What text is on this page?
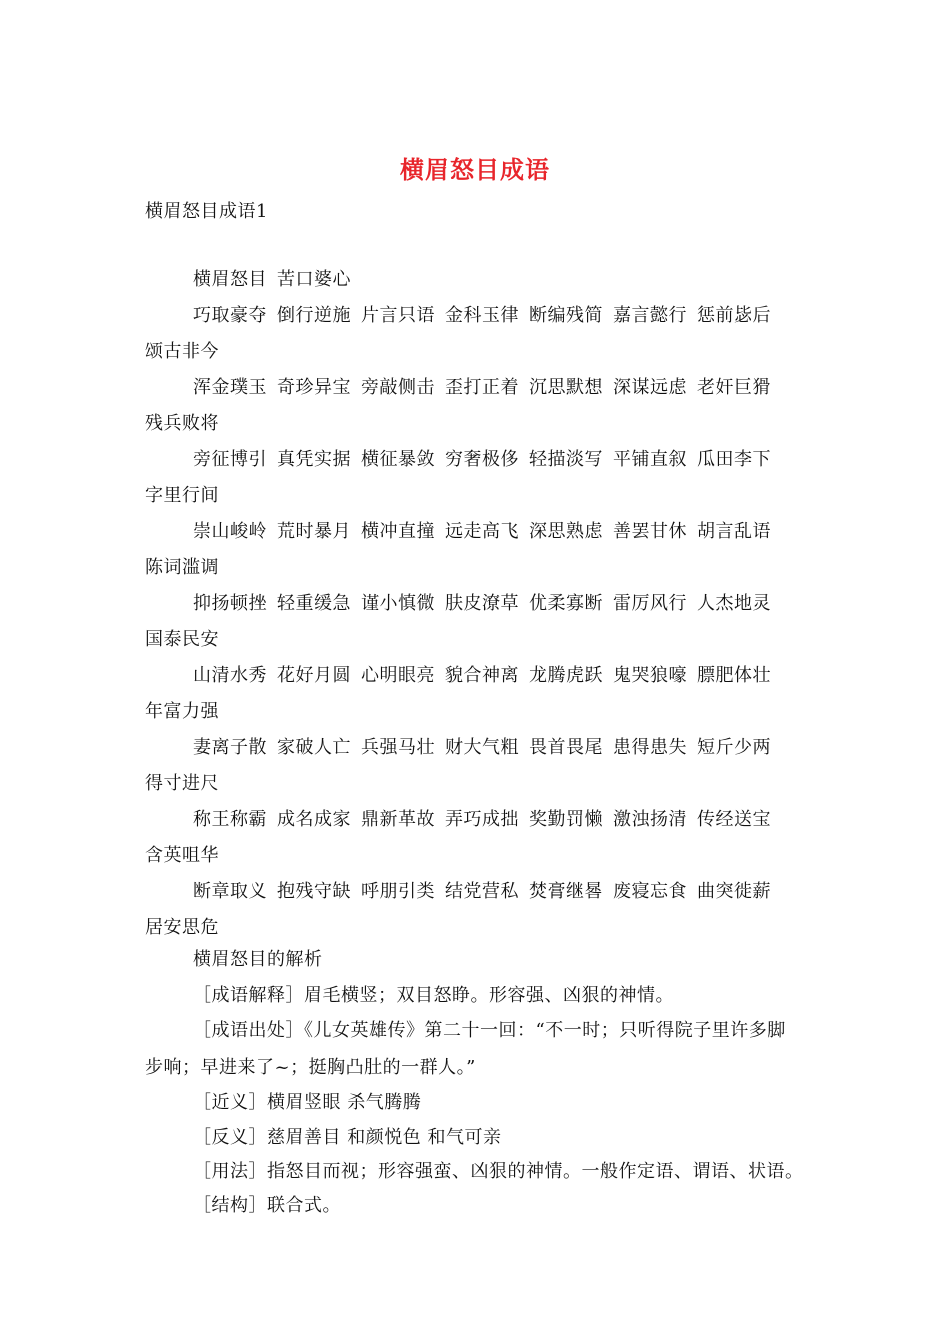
横眉怒目成语
横眉怒目成语1
横眉怒目 苦口婆心
巧取豪夺 倒行逆施 片言只语 金科玉律 断编残简 嘉言懿行 惩前毖后
颂古非今
浑金璞玉 奇珍异宝 旁敲侧击 歪打正着 沉思默想 深谋远虑 老奸巨猾
残兵败将
旁征博引 真凭实据 横征暴敛 穷奢极侈 轻描淡写 平铺直叙 瓜田李下
字里行间
崇山峻岭 荒时暴月 横冲直撞 远走高飞 深思熟虑 善罢甘休 胡言乱语
陈词滥调
抑扬顿挫 轻重缓急 谨小慎微 肤皮潦草 优柔寡断 雷厉风行 人杰地灵
国泰民安
山清水秀 花好月圆 心明眼亮 貌合神离 龙腾虎跃 鬼哭狼嚎 膘肥体壮
年富力强
妻离子散 家破人亡 兵强马壮 财大气粗 畏首畏尾 患得患失 短斤少两
得寸进尺
称王称霸 成名成家 鼎新革故 弄巧成拙 奖勤罚懒 激浊扬清 传经送宝
含英咀华
断章取义 抱残守缺 呼朋引类 结党营私 焚膏继晷 废寝忘食 曲突徙薪
居安思危
横眉怒目的解析
［成语解释］眉毛横竖；双目怒睁。形容强、凶狠的神情。
［成语出处］《儿女英雄传》第二十一回：“不一时；只听得院子里许多脚
步响；早进来了~；挺胸凸肚的一群人。”
［近义］横眉竖眼 杀气腾腾
［反义］慈眉善目 和颜悦色 和气可亲
［用法］指怒目而视；形容强蛮、凶狠的神情。一般作定语、谓语、状语。
［结构］联合式。
